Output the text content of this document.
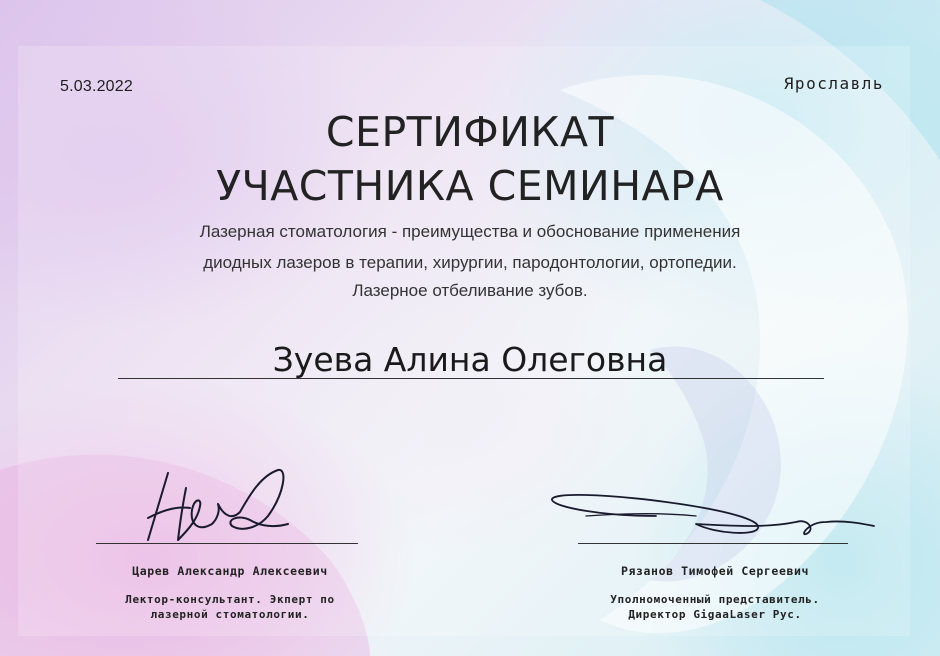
5.03.2022	Ярославль
СЕРТИФИКАТ
УЧАСТНИКА СЕМИНАРА
Лазерная стоматология - преимущества и обоснование применения
диодных лазеров в терапии, хирургии, пародонтологии, ортопедии.
Лазерное отбеливание зубов.
Зуева Алина Олеговна
Царев Александр Алексеевич
Лектор-консультант. Экперт по
лазерной стоматологии.
Рязанов Тимофей Сергеевич
Уполномоченный представитель.
Директор GigaaLaser Рус.
